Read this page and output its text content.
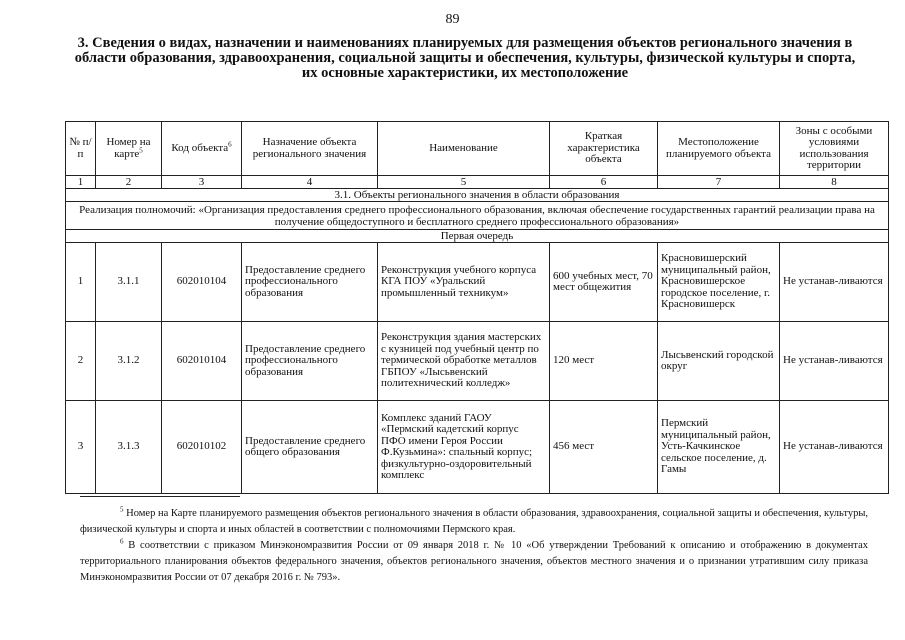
89
3. Сведения о видах, назначении и наименованиях планируемых для размещения объектов регионального значения в области образования, здравоохранения, социальной защиты и обеспечения, культуры, физической культуры и спорта, их основные характеристики, их местоположение
№ п/п	Номер на карте$^5$	Код объекта$^6$	Назначение объекта регионального значения	Наименование	Краткая характеристика объекта	Местоположение планируемого объекта	Зоны с особыми условиями использования территории
1	2	3	4	5	6	7	8
3.1. Объекты регионального значения в области образования							
Реализация полномочий: «Организация предоставления среднего профессионального образования, включая обеспечение государственных гарантий реализации права на получение общедоступного и бесплатного среднего профессионального образования»							
Первая очередь							
1	3.1.1	602010104	Предоставление среднего профессионального образования	Реконструкция учебного корпуса КГА ПОУ «Уральский промышленный техникум»	600 учебных мест, 70 мест общежития	Красновишерский муниципальный район, Красновишерское городское поселение, г. Красновишерск	Не устанав-ливаются
2	3.1.2	602010104	Предоставление среднего профессионального образования	Реконструкция здания мастерских с кузницей под учебный центр по термической обработке металлов ГБПОУ «Лысьвенский политехнический колледж»	120 мест	Лысьвенский городской округ	Не устанав-ливаются
3	3.1.3	602010102	Предоставление среднего общего образования	Комплекс зданий ГАОУ «Пермский кадетский корпус ПФО имени Героя России Ф.Кузьмина»: спальный корпус; физкультурно-оздоровительный комплекс	456 мест	Пермский муниципальный район, Усть-Качкинское сельское поселение, д. Гамы	Не устанав-ливаются

$^5$ Номер на Карте планируемого размещения объектов регионального значения в области образования, здравоохранения, социальной защиты и обеспечения, культуры, физической культуры и спорта и иных областей в соответствии с полномочиями Пермского края.

$^6$ В соответствии с приказом Минэкономразвития России от 09 января 2018 г. № 10 «Об утверждении Требований к описанию и отображению в документах территориального планирования объектов федерального значения, объектов регионального значения, объектов местного значения и о признании утратившим силу приказа Минэкономразвития России от 07 декабря 2016 г. № 793».
